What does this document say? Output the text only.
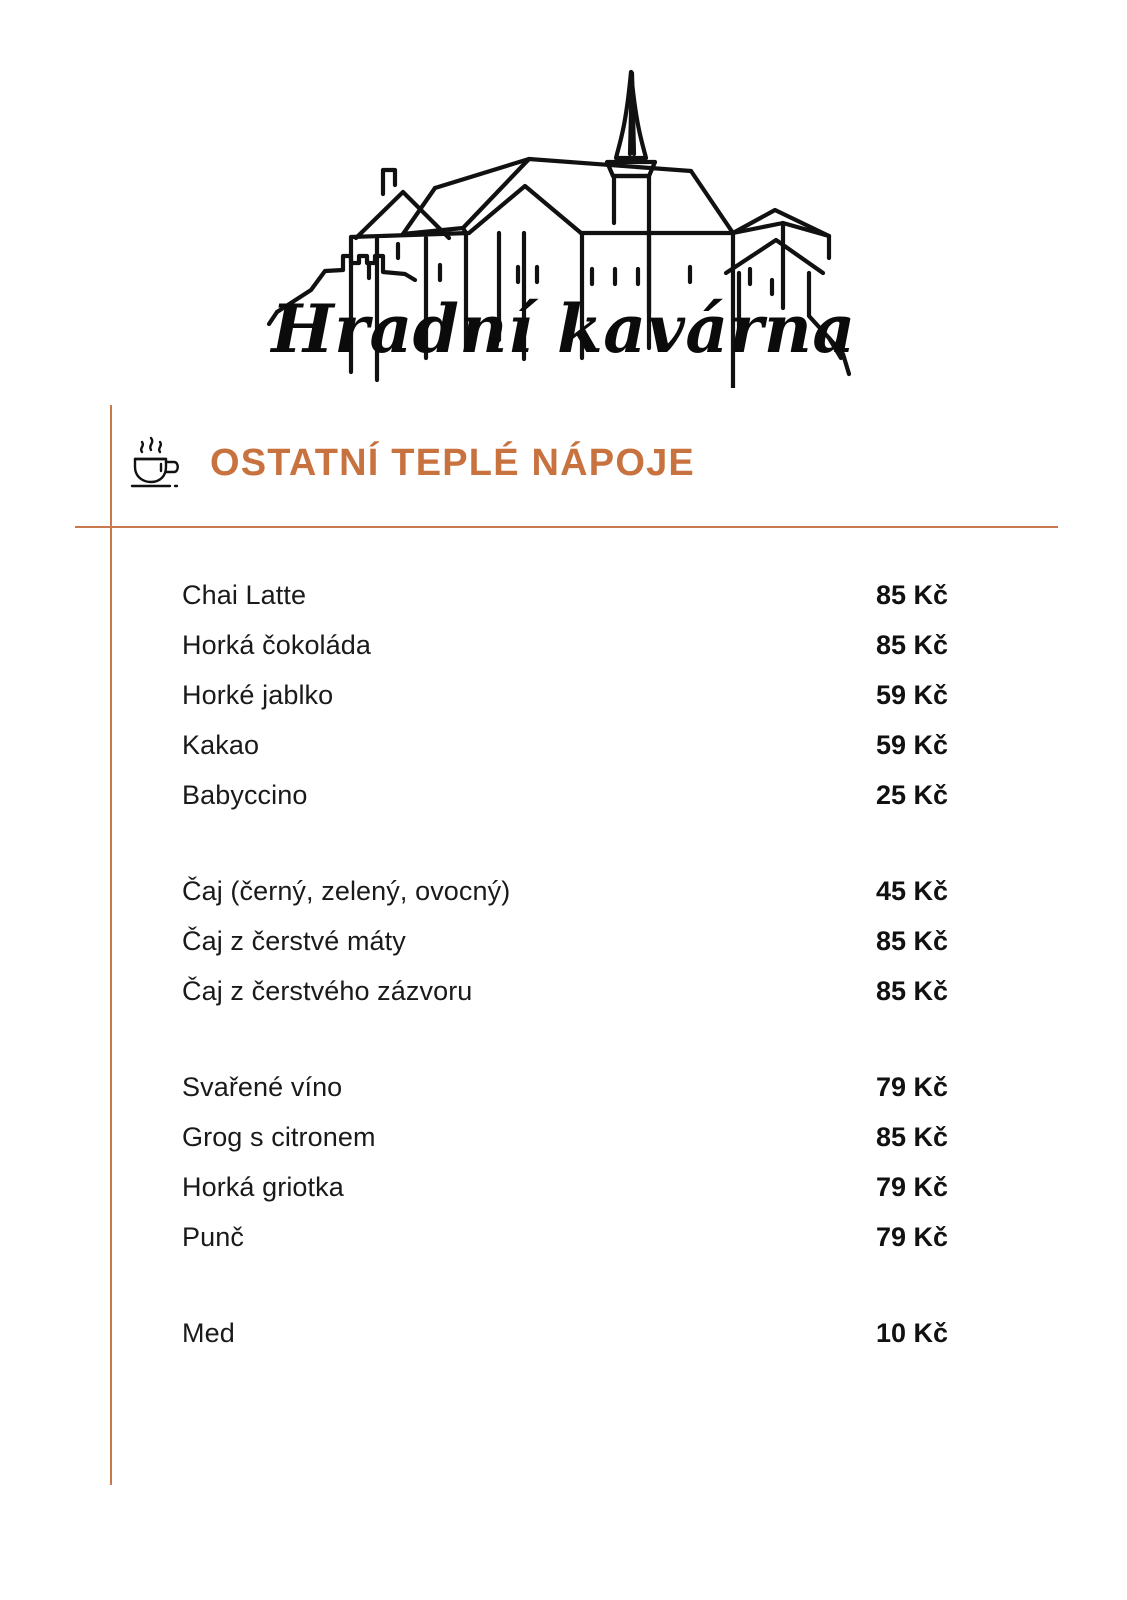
Hradní kavárna
OSTATNÍ TEPLÉ NÁPOJE
Chai Latte	85 Kč
Horká čokoláda	85 Kč
Horké jablko	59 Kč
Kakao	59 Kč
Babyccino	25 Kč
Čaj (černý, zelený, ovocný)	45 Kč
Čaj z čerstvé máty	85 Kč
Čaj z čerstvého zázvoru	85 Kč
Svařené víno	79 Kč
Grog s citronem	85 Kč
Horká griotka	79 Kč
Punč	79 Kč
Med	10 Kč
